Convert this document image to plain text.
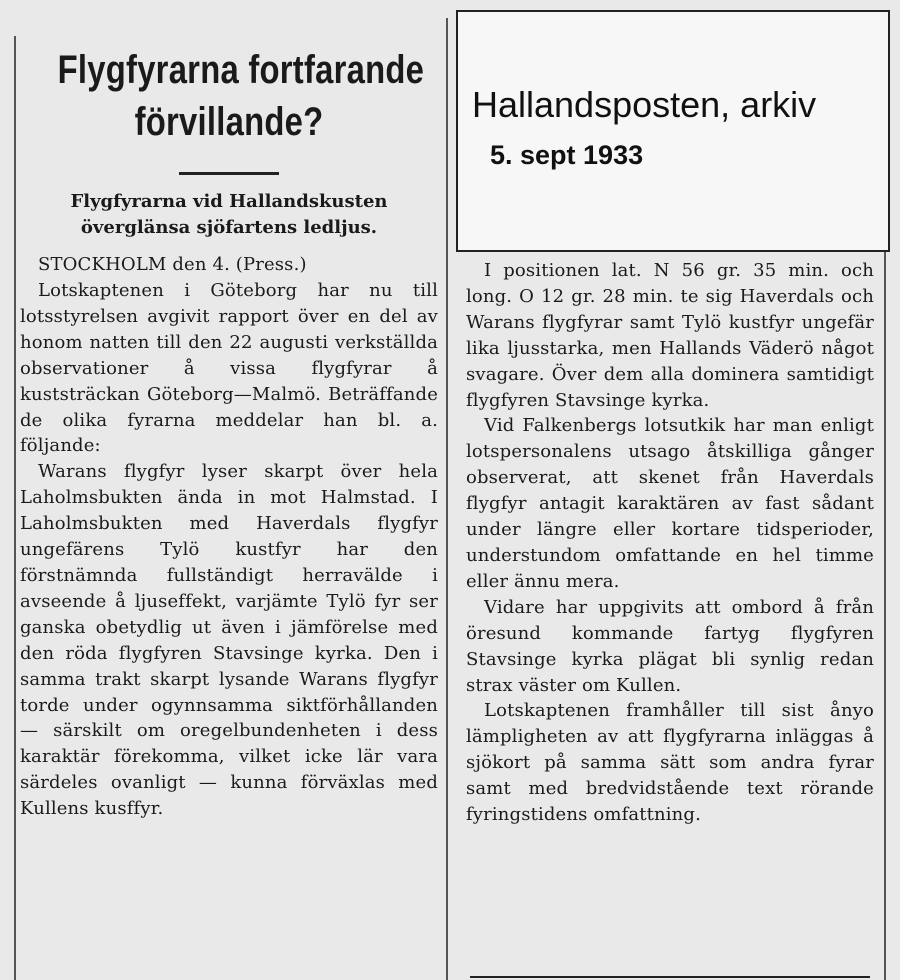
Flygfyrarna fortfarande
förvillande?
Flygfyrarna vid Hallandskusten
överglänsa sjöfartens ledljus.

STOCKHOLM den 4. (Press.)

Lotskaptenen i Göteborg har nu till lotsstyrelsen avgivit rapport över en del av honom natten till den 22 augusti verkställda observationer å vissa flygfyrar å kuststräckan Göteborg—Malmö. Beträffande de olika fyrarna meddelar han bl. a. följande:

Warans flygfyr lyser skarpt över hela Laholmsbukten ända in mot Halmstad. I Laholmsbukten med Haverdals flygfyr ungefärens Tylö kustfyr har den förstnämnda fullständigt herravälde i avseende å ljuseffekt, varjämte Tylö fyr ser ganska obetydlig ut även i jämförelse med den röda flygfyren Stavsinge kyrka. Den i samma trakt skarpt lysande Warans flygfyr torde under ogynnsamma siktförhållanden — särskilt om oregelbundenheten i dess karaktär förekomma, vilket icke lär vara särdeles ovanligt — kunna förväxlas med Kullens kusffyr.

I positionen lat. N 56 gr. 35 min. och long. O 12 gr. 28 min. te sig Haverdals och Warans flygfyrar samt Tylö kustfyr ungefär lika ljusstarka, men Hallands Väderö något svagare. Över dem alla dominera samtidigt flygfyren Stavsinge kyrka.

Vid Falkenbergs lotsutkik har man enligt lotspersonalens utsago åtskilliga gånger observerat, att skenet från Haverdals flygfyr antagit karaktären av fast sådant under längre eller kortare tidsperioder, understundom omfattande en hel timme eller ännu mera.

Vidare har uppgivits att ombord å från öresund kommande fartyg flygfyren Stavsinge kyrka plägat bli synlig redan strax väster om Kullen.

Lotskaptenen framhåller till sist ånyo lämpligheten av att flygfyrarna inläggas å sjökort på samma sätt som andra fyrar samt med bredvidstående text rörande fyringstidens omfattning.

Hallandsposten, arkiv
5. sept 1933
